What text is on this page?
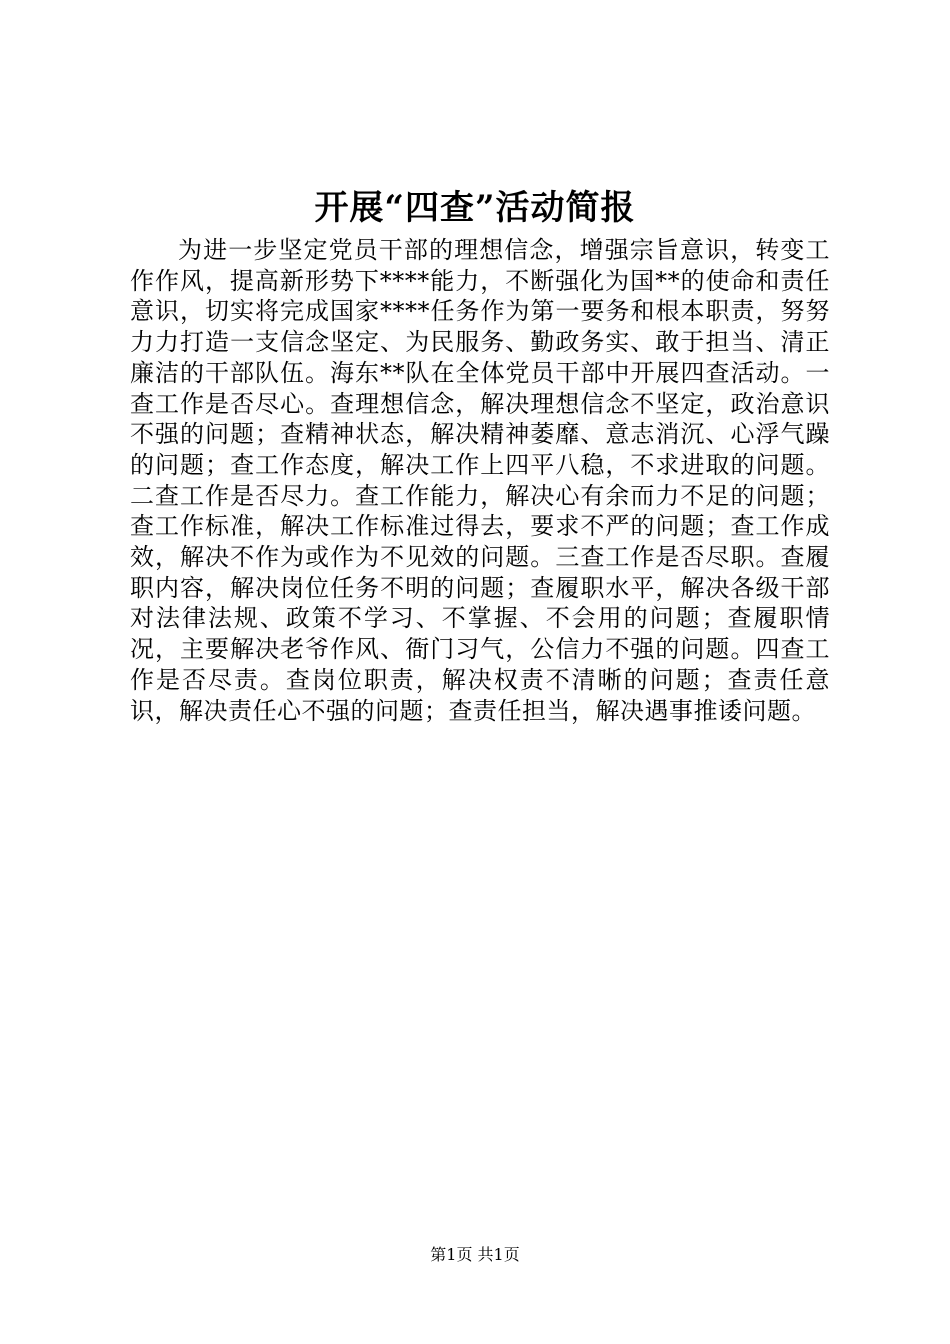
开展“四查”活动简报

为进一步坚定党员干部的理想信念，增强宗旨意识，转变工作作风，提高新形势下****能力，不断强化为国**的使命和责任意识，切实将完成国家****任务作为第一要务和根本职责，努努力力打造一支信念坚定、为民服务、勤政务实、敢于担当、清正廉洁的干部队伍。海东**队在全体党员干部中开展四查活动。一查工作是否尽心。查理想信念，解决理想信念不坚定，政治意识不强的问题；查精神状态，解决精神萎靡、意志消沉、心浮气躁的问题；查工作态度，解决工作上四平八稳，不求进取的问题。二查工作是否尽力。查工作能力，解决心有余而力不足的问题；查工作标准，解决工作标准过得去，要求不严的问题；查工作成效，解决不作为或作为不见效的问题。三查工作是否尽职。查履职内容，解决岗位任务不明的问题；查履职水平，解决各级干部对法律法规、政策不学习、不掌握、不会用的问题；查履职情况，主要解决老爷作风、衙门习气，公信力不强的问题。四查工作是否尽责。查岗位职责，解决权责不清晰的问题；查责任意识，解决责任心不强的问题；查责任担当，解决遇事推诿问题。

第1页 共1页
